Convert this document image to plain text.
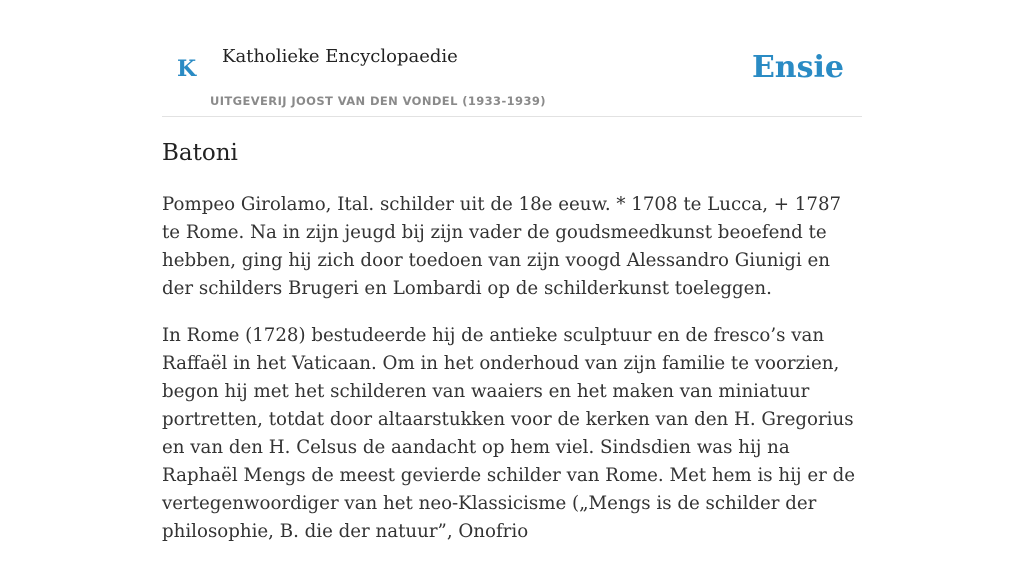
K Katholieke Encyclopaedie
UITGEVERIJ JOOST VAN DEN VONDEL (1933-1939)
Ensie
Batoni

Pompeo Girolamo, Ital. schilder uit de 18e eeuw. * 1708 te Lucca, + 1787 te Rome. Na in zijn jeugd bij zijn vader de goudsmeedkunst beoefend te hebben, ging hij zich door toedoen van zijn voogd Alessandro Giunigi en der schilders Brugeri en Lombardi op de schilderkunst toeleggen.

In Rome (1728) bestudeerde hij de antieke sculptuur en de fresco’s van Raffaël in het Vaticaan. Om in het onderhoud van zijn familie te voorzien, begon hij met het schilderen van waaiers en het maken van miniatuur portretten, totdat door altaarstukken voor de kerken van den H. Gregorius en van den H. Celsus de aandacht op hem viel. Sindsdien was hij na Raphaël Mengs de meest gevierde schilder van Rome. Met hem is hij er de vertegenwoordiger van het neo-Klassicisme („Mengs is de schilder der philosophie, B. die der natuur”, Onofrio
